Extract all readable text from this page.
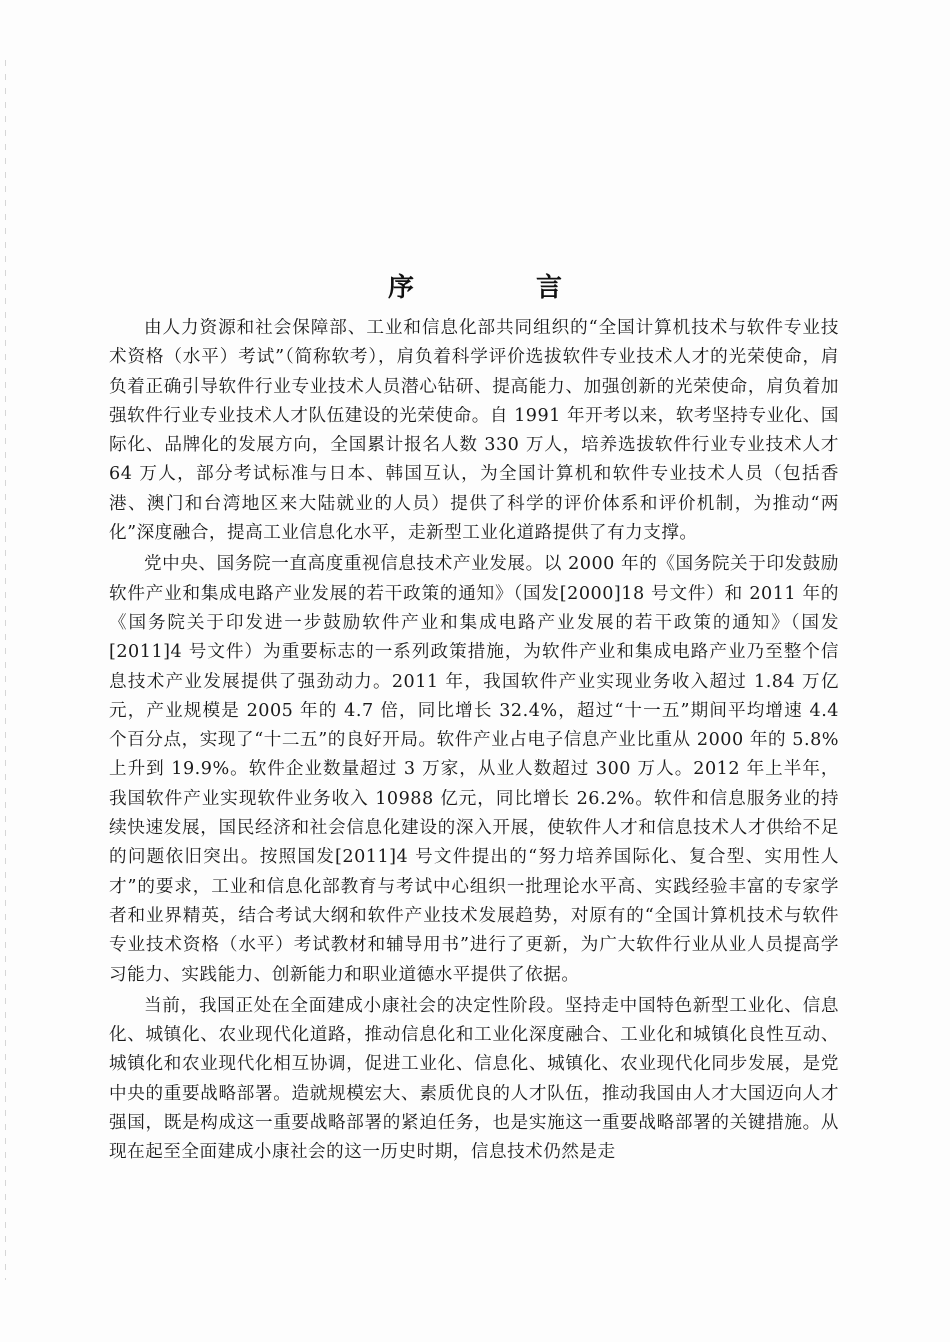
序　言

由人力资源和社会保障部、工业和信息化部共同组织的“全国计算机技术与软件专业技术资格（水平）考试”（简称软考），肩负着科学评价选拔软件专业技术人才的光荣使命，肩负着正确引导软件行业专业技术人员潜心钻研、提高能力、加强创新的光荣使命，肩负着加强软件行业专业技术人才队伍建设的光荣使命。自 1991 年开考以来，软考坚持专业化、国际化、品牌化的发展方向，全国累计报名人数 330 万人，培养选拔软件行业专业技术人才 64 万人，部分考试标准与日本、韩国互认，为全国计算机和软件专业技术人员（包括香港、澳门和台湾地区来大陆就业的人员）提供了科学的评价体系和评价机制，为推动“两化”深度融合，提高工业信息化水平，走新型工业化道路提供了有力支撑。

党中央、国务院一直高度重视信息技术产业发展。以 2000 年的《国务院关于印发鼓励软件产业和集成电路产业发展的若干政策的通知》（国发[2000]18 号文件）和 2011 年的《国务院关于印发进一步鼓励软件产业和集成电路产业发展的若干政策的通知》（国发[2011]4 号文件）为重要标志的一系列政策措施，为软件产业和集成电路产业乃至整个信息技术产业发展提供了强劲动力。2011 年，我国软件产业实现业务收入超过 1.84 万亿元，产业规模是 2005 年的 4.7 倍，同比增长 32.4%，超过“十一五”期间平均增速 4.4 个百分点，实现了“十二五”的良好开局。软件产业占电子信息产业比重从 2000 年的 5.8% 上升到 19.9%。软件企业数量超过 3 万家，从业人数超过 300 万人。2012 年上半年，我国软件产业实现软件业务收入 10988 亿元，同比增长 26.2%。软件和信息服务业的持续快速发展，国民经济和社会信息化建设的深入开展，使软件人才和信息技术人才供给不足的问题依旧突出。按照国发[2011]4 号文件提出的“努力培养国际化、复合型、实用性人才”的要求，工业和信息化部教育与考试中心组织一批理论水平高、实践经验丰富的专家学者和业界精英，结合考试大纲和软件产业技术发展趋势，对原有的“全国计算机技术与软件专业技术资格（水平）考试教材和辅导用书”进行了更新，为广大软件行业从业人员提高学习能力、实践能力、创新能力和职业道德水平提供了依据。

当前，我国正处在全面建成小康社会的决定性阶段。坚持走中国特色新型工业化、信息化、城镇化、农业现代化道路，推动信息化和工业化深度融合、工业化和城镇化良性互动、城镇化和农业现代化相互协调，促进工业化、信息化、城镇化、农业现代化同步发展，是党中央的重要战略部署。造就规模宏大、素质优良的人才队伍，推动我国由人才大国迈向人才强国，既是构成这一重要战略部署的紧迫任务，也是实施这一重要战略部署的关键措施。从现在起至全面建成小康社会的这一历史时期，信息技术仍然是走
